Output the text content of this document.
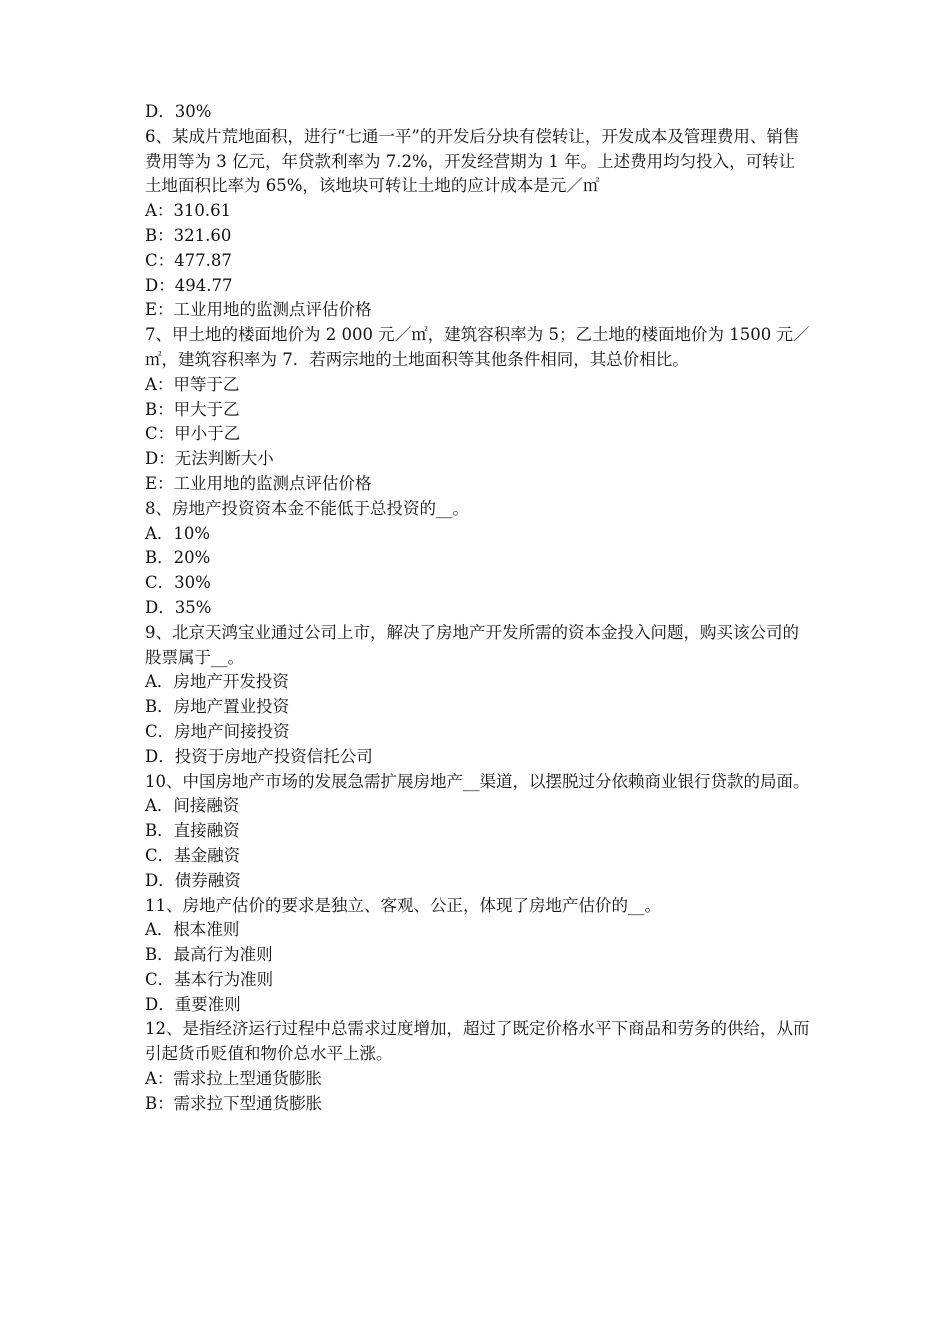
D．30%

6、某成片荒地面积，进行“七通一平”的开发后分块有偿转让，开发成本及管理费用、销售费用等为 3 亿元，年贷款利率为 7.2%，开发经营期为 1 年。上述费用均匀投入，可转让土地面积比率为 65%，该地块可转让土地的应计成本是元／㎡

A：310.61

B：321.60

C：477.87

D：494.77

E：工业用地的监测点评估价格

7、甲土地的楼面地价为 2 000 元／㎡，建筑容积率为 5；乙土地的楼面地价为 1500 元／㎡，建筑容积率为 7．若两宗地的土地面积等其他条件相同，其总价相比。

A：甲等于乙

B：甲大于乙

C：甲小于乙

D：无法判断大小

E：工业用地的监测点评估价格

8、房地产投资资本金不能低于总投资的__。

A．10%

B．20%

C．30%

D．35%

9、北京天鸿宝业通过公司上市，解决了房地产开发所需的资本金投入问题，购买该公司的股票属于__。

A．房地产开发投资

B．房地产置业投资

C．房地产间接投资

D．投资于房地产投资信托公司

10、中国房地产市场的发展急需扩展房地产__渠道，以摆脱过分依赖商业银行贷款的局面。

A．间接融资

B．直接融资

C．基金融资

D．债券融资

11、房地产估价的要求是独立、客观、公正，体现了房地产估价的__。

A．根本准则

B．最高行为准则

C．基本行为准则

D．重要准则

12、是指经济运行过程中总需求过度增加，超过了既定价格水平下商品和劳务的供给，从而引起货币贬值和物价总水平上涨。

A：需求拉上型通货膨胀

B：需求拉下型通货膨胀
